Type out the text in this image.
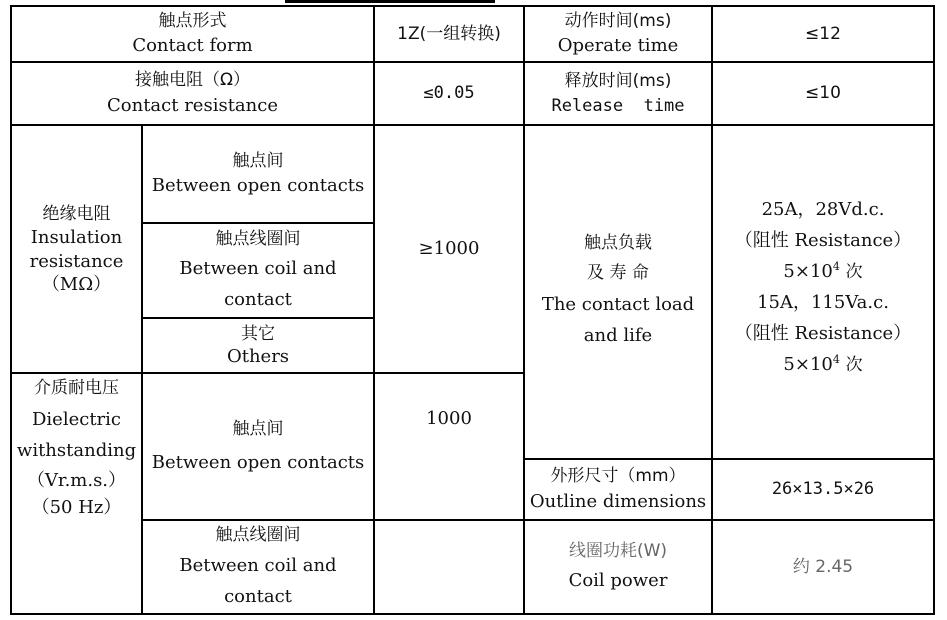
触点形式
Contact form
1Z(一组转换)
动作时间(ms)
Operate time
≤12
接触电阻（Ω）
Contact resistance
≤0.05
释放时间(ms)
Release  time
≤10
绝缘电阻
Insulation
resistance
（MΩ）
触点间
Between open contacts
触点线圈间
Between coil and
contact
其它
Others
≥1000	触点负载
及 寿 命
The contact load
and life
25A，28Vd.c.
（阻性 Resistance）
$5\times 10^4$ 次
15A，115Va.c.
（阻性 Resistance）
$5\times 10^4$ 次
介质耐电压
Dielectric
withstanding
（Vr.m.s.）
（50 Hz）
触点间
Between open contacts
触点线圈间
Between coil and
contact
1000
外形尺寸（mm）
Outline dimensions
26×13.5×26
线圈功耗(W)
Coil power
约 2.45
